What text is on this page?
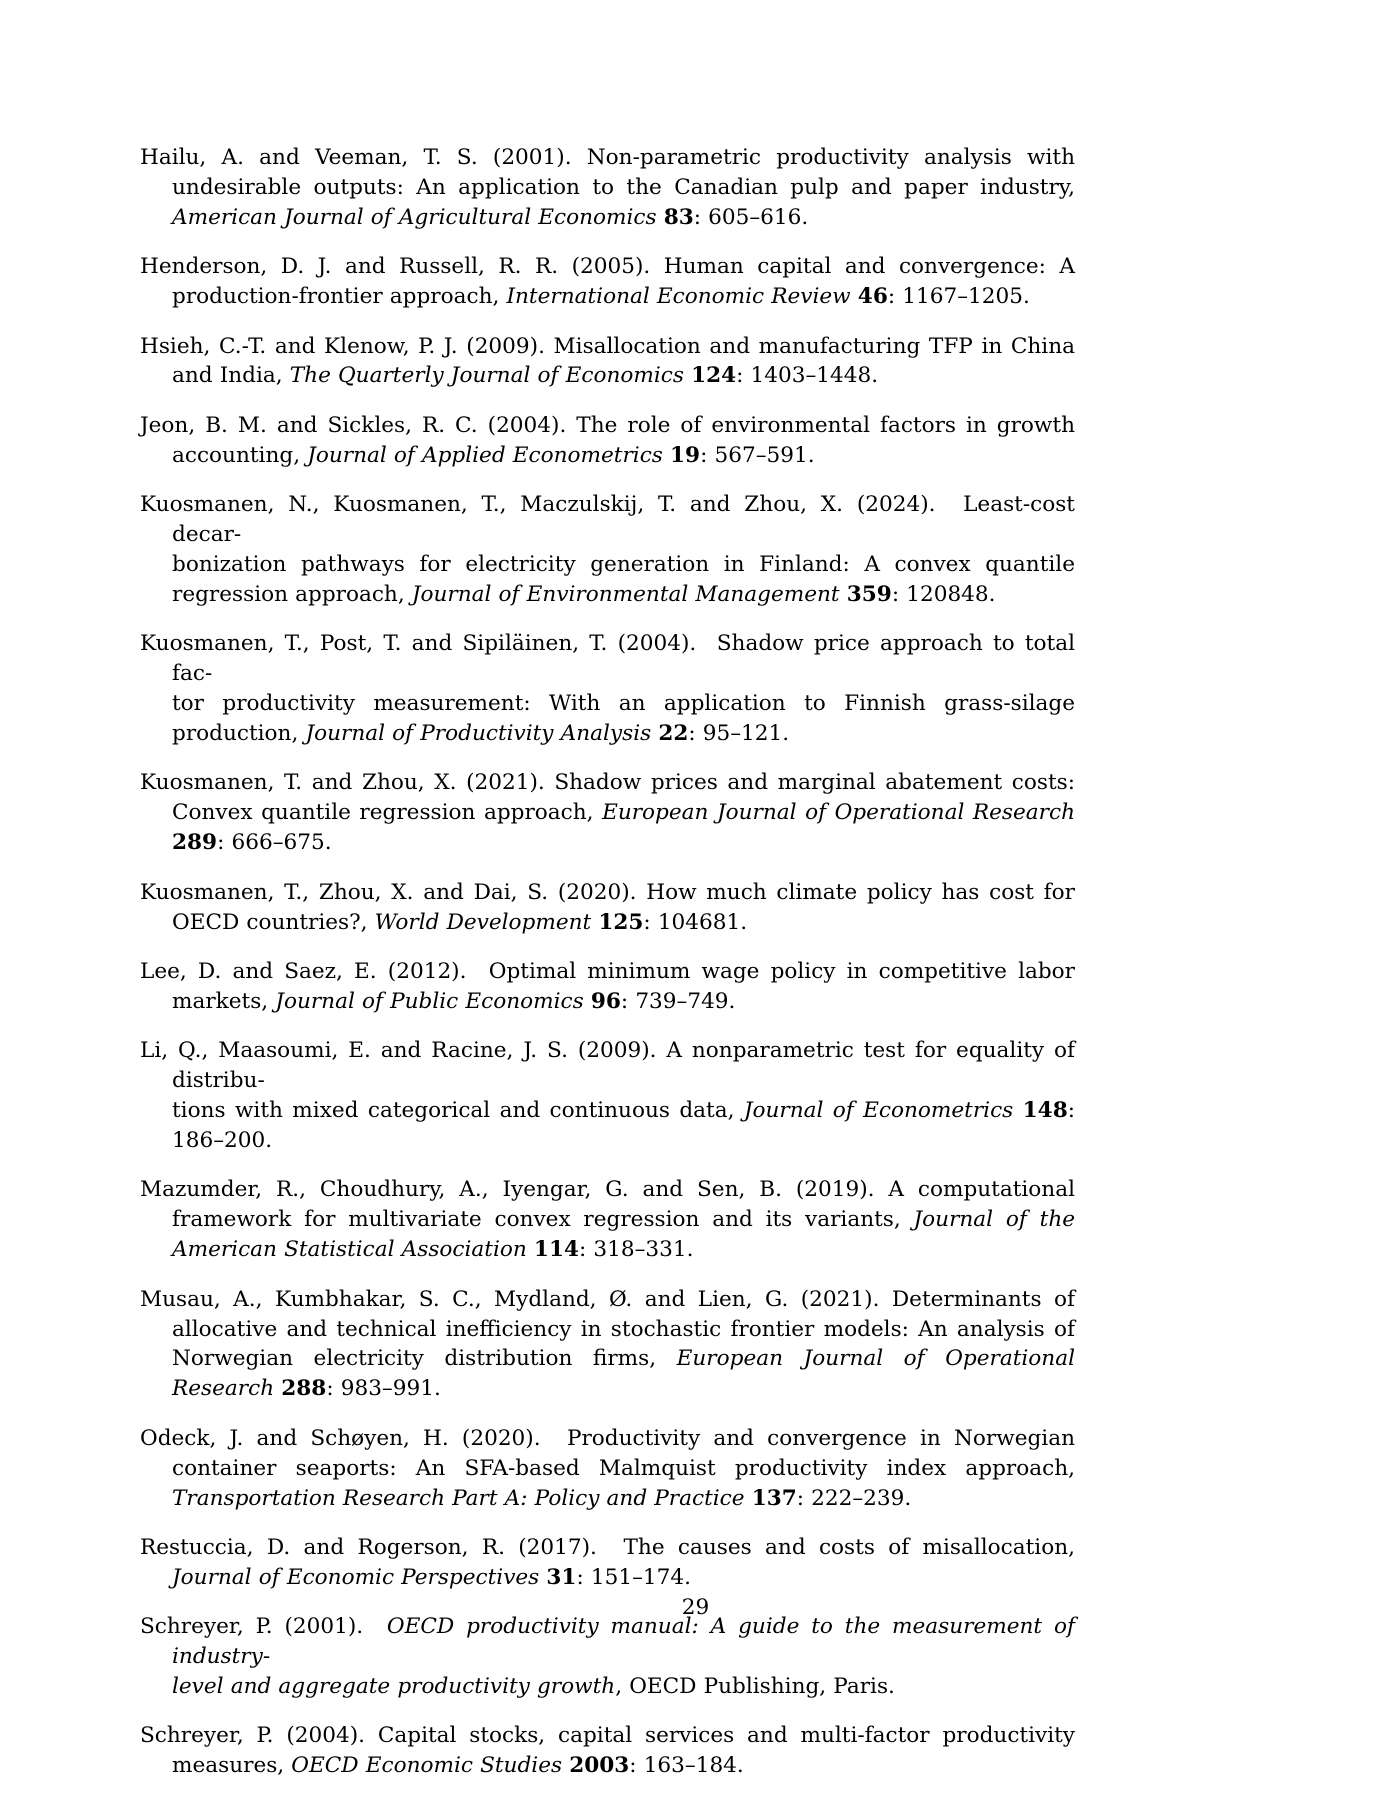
Hailu, A. and Veeman, T. S. (2001). Non-parametric productivity analysis with undesirable outputs: An application to the Canadian pulp and paper industry, American Journal of Agricultural Economics 83: 605–616.
Henderson, D. J. and Russell, R. R. (2005). Human capital and convergence: A production-frontier approach, International Economic Review 46: 1167–1205.
Hsieh, C.-T. and Klenow, P. J. (2009). Misallocation and manufacturing TFP in China and India, The Quarterly Journal of Economics 124: 1403–1448.
Jeon, B. M. and Sickles, R. C. (2004). The role of environmental factors in growth accounting, Journal of Applied Econometrics 19: 567–591.
Kuosmanen, N., Kuosmanen, T., Maczulskij, T. and Zhou, X. (2024).  Least-cost decar-
bonization pathways for electricity generation in Finland: A convex quantile regression approach, Journal of Environmental Management 359: 120848.
Kuosmanen, T., Post, T. and Sipiläinen, T. (2004).  Shadow price approach to total fac-
tor productivity measurement: With an application to Finnish grass-silage production, Journal of Productivity Analysis 22: 95–121.
Kuosmanen, T. and Zhou, X. (2021). Shadow prices and marginal abatement costs: Convex quantile regression approach, European Journal of Operational Research 289: 666–675.
Kuosmanen, T., Zhou, X. and Dai, S. (2020). How much climate policy has cost for OECD countries?, World Development 125: 104681.
Lee, D. and Saez, E. (2012).  Optimal minimum wage policy in competitive labor markets, Journal of Public Economics 96: 739–749.
Li, Q., Maasoumi, E. and Racine, J. S. (2009). A nonparametric test for equality of distribu-
tions with mixed categorical and continuous data, Journal of Econometrics 148: 186–200.
Mazumder, R., Choudhury, A., Iyengar, G. and Sen, B. (2019). A computational framework for multivariate convex regression and its variants, Journal of the American Statistical Association 114: 318–331.
Musau, A., Kumbhakar, S. C., Mydland, Ø. and Lien, G. (2021). Determinants of allocative and technical inefficiency in stochastic frontier models: An analysis of Norwegian electricity distribution firms, European Journal of Operational Research 288: 983–991.
Odeck, J. and Schøyen, H. (2020).  Productivity and convergence in Norwegian container seaports: An SFA-based Malmquist productivity index approach, Transportation Research Part A: Policy and Practice 137: 222–239.
Restuccia, D. and Rogerson, R. (2017).  The causes and costs of misallocation, Journal of Economic Perspectives 31: 151–174.
Schreyer, P. (2001).  OECD productivity manual: A guide to the measurement of industry-
level and aggregate productivity growth, OECD Publishing, Paris.
Schreyer, P. (2004). Capital stocks, capital services and multi-factor productivity measures, OECD Economic Studies 2003: 163–184.
29
